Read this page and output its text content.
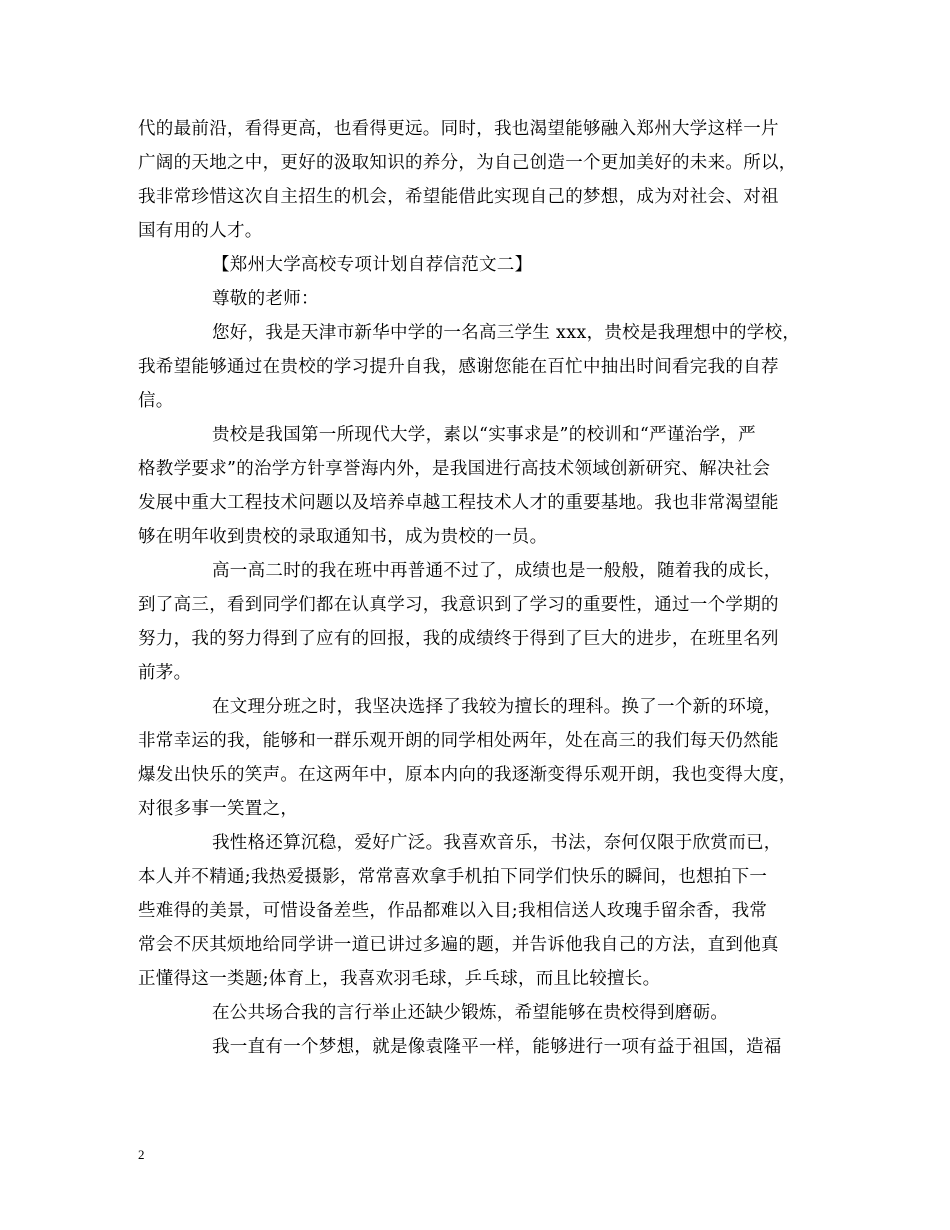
代的最前沿，看得更高，也看得更远。同时，我也渴望能够融入郑州大学这样一片
广阔的天地之中，更好的汲取知识的养分，为自己创造一个更加美好的未来。所以，
我非常珍惜这次自主招生的机会，希望能借此实现自己的梦想，成为对社会、对祖
国有用的人才。
【郑州大学高校专项计划自荐信范文二】
尊敬的老师：
您好，我是天津市新华中学的一名高三学生 xxx，贵校是我理想中的学校，
我希望能够通过在贵校的学习提升自我，感谢您能在百忙中抽出时间看完我的自荐
信。
贵校是我国第一所现代大学，素以“实事求是”的校训和“严谨治学，严
格教学要求”的治学方针享誉海内外，是我国进行高技术领域创新研究、解决社会
发展中重大工程技术问题以及培养卓越工程技术人才的重要基地。我也非常渴望能
够在明年收到贵校的录取通知书，成为贵校的一员。
高一高二时的我在班中再普通不过了，成绩也是一般般，随着我的成长，
到了高三，看到同学们都在认真学习，我意识到了学习的重要性，通过一个学期的
努力，我的努力得到了应有的回报，我的成绩终于得到了巨大的进步，在班里名列
前茅。
在文理分班之时，我坚决选择了我较为擅长的理科。换了一个新的环境，
非常幸运的我，能够和一群乐观开朗的同学相处两年，处在高三的我们每天仍然能
爆发出快乐的笑声。在这两年中，原本内向的我逐渐变得乐观开朗，我也变得大度，
对很多事一笑置之，
我性格还算沉稳，爱好广泛。我喜欢音乐，书法，奈何仅限于欣赏而已，
本人并不精通;我热爱摄影，常常喜欢拿手机拍下同学们快乐的瞬间，也想拍下一
些难得的美景，可惜设备差些，作品都难以入目;我相信送人玫瑰手留余香，我常
常会不厌其烦地给同学讲一道已讲过多遍的题，并告诉他我自己的方法，直到他真
正懂得这一类题;体育上，我喜欢羽毛球，乒乓球，而且比较擅长。
在公共场合我的言行举止还缺少锻炼，希望能够在贵校得到磨砺。
我一直有一个梦想，就是像袁隆平一样，能够进行一项有益于祖国，造福
2
